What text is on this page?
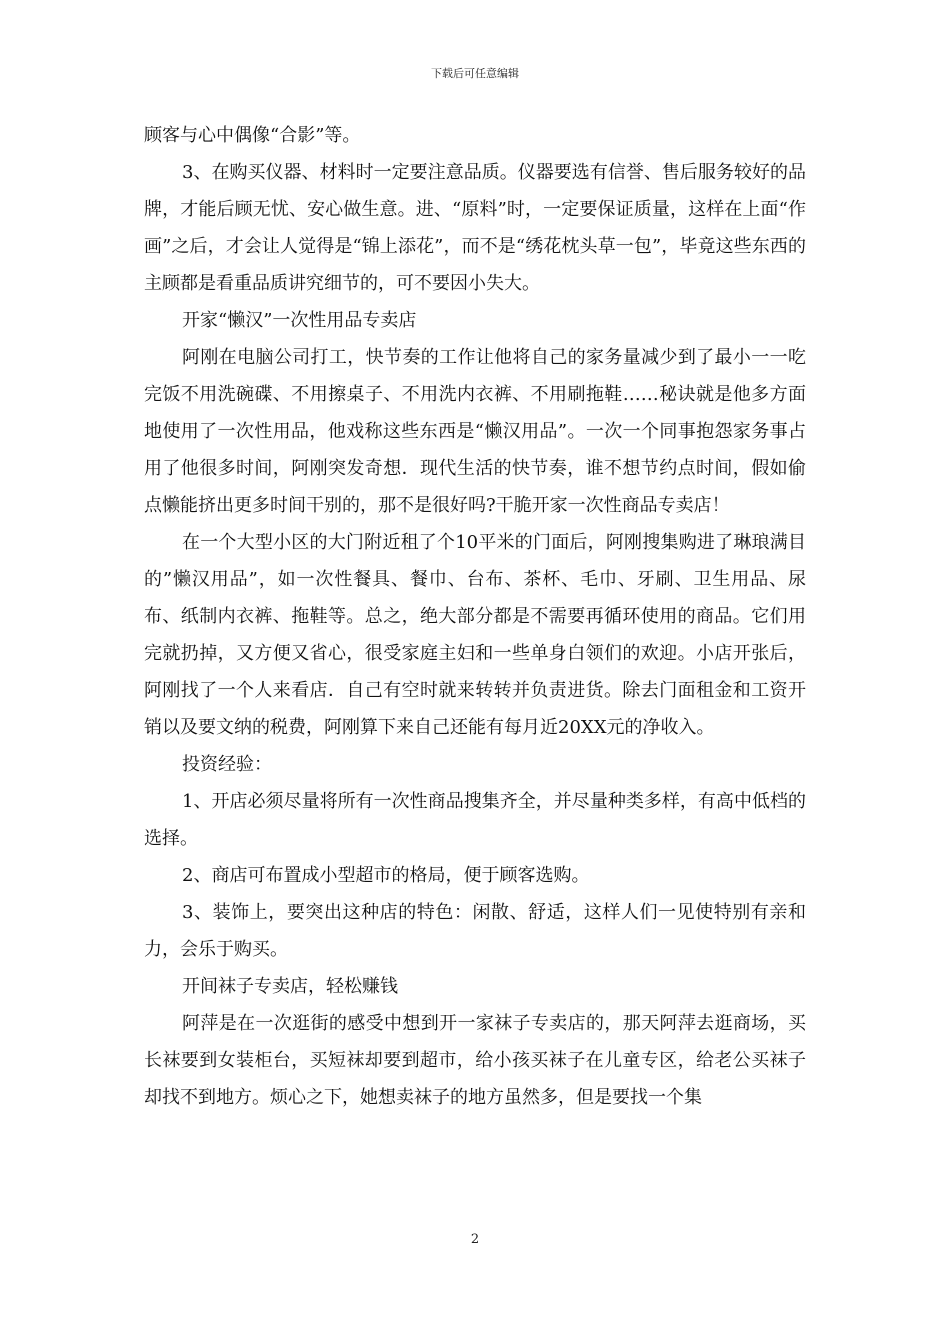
下载后可任意编辑

顾客与心中偶像“合影”等。

3、在购买仪器、材料时一定要注意品质。仪器要选有信誉、售后服务较好的品牌，才能后顾无忧、安心做生意。进、“原料”时，一定要保证质量，这样在上面“作画”之后，才会让人觉得是“锦上添花”，而不是“绣花枕头草一包”，毕竟这些东西的主顾都是看重品质讲究细节的，可不要因小失大。

开家“懒汉”一次性用品专卖店

阿刚在电脑公司打工，快节奏的工作让他将自己的家务量减少到了最小一一吃完饭不用洗碗碟、不用擦桌子、不用洗内衣裤、不用刷拖鞋……秘诀就是他多方面地使用了一次性用品，他戏称这些东西是“懒汉用品”。一次一个同事抱怨家务事占用了他很多时间，阿刚突发奇想．现代生活的快节奏，谁不想节约点时间，假如偷点懒能挤出更多时间干别的，那不是很好吗?干脆开家一次性商品专卖店！

在一个大型小区的大门附近租了个10平米的门面后，阿刚搜集购进了琳琅满目的”懒汉用品”，如一次性餐具、餐巾、台布、茶杯、毛巾、牙刷、卫生用品、尿布、纸制内衣裤、拖鞋等。总之，绝大部分都是不需要再循环使用的商品。它们用完就扔掉，又方便又省心，很受家庭主妇和一些单身白领们的欢迎。小店开张后，阿刚找了一个人来看店．自己有空时就来转转并负责进货。除去门面租金和工资开销以及要文纳的税费，阿刚算下来自己还能有每月近20XX元的净收入。

投资经验：

1、开店必须尽量将所有一次性商品搜集齐全，并尽量种类多样，有高中低档的选择。

2、商店可布置成小型超市的格局，便于顾客选购。

3、装饰上，要突出这种店的特色：闲散、舒适，这样人们一见使特别有亲和力，会乐于购买。

开间袜子专卖店，轻松赚钱

阿萍是在一次逛街的感受中想到开一家袜子专卖店的，那天阿萍去逛商场，买长袜要到女装柜台，买短袜却要到超市，给小孩买袜子在儿童专区，给老公买袜子却找不到地方。烦心之下，她想卖袜子的地方虽然多，但是要找一个集

2
